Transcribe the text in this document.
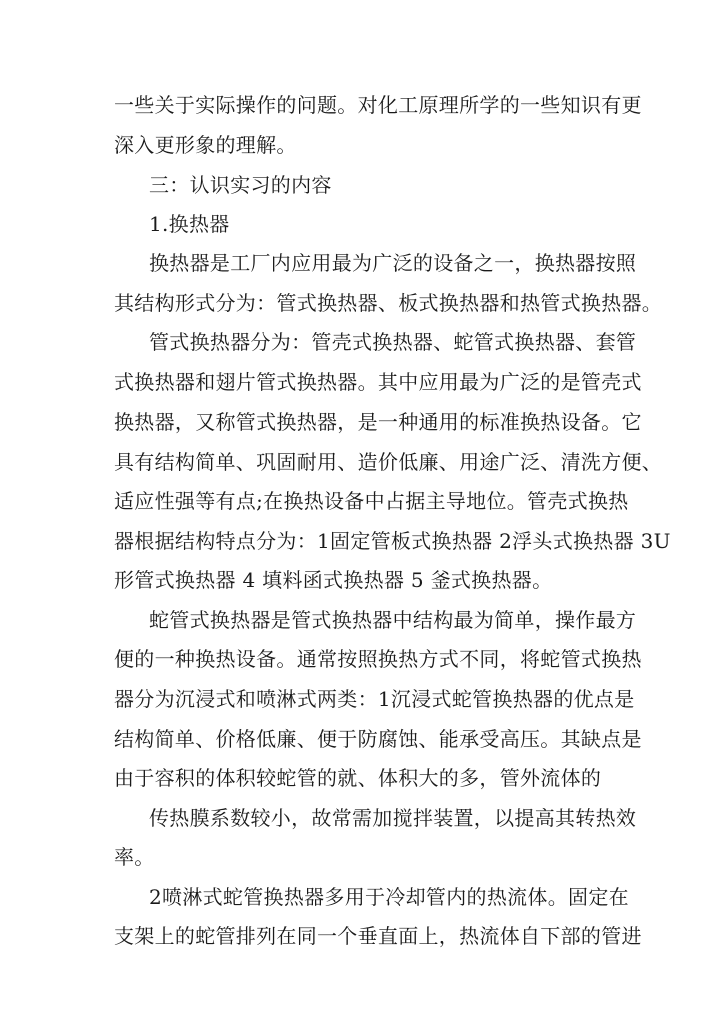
一些关于实际操作的问题。对化工原理所学的一些知识有更
深入更形象的理解。
三：认识实习的内容
1.换热器
换热器是工厂内应用最为广泛的设备之一，换热器按照
其结构形式分为：管式换热器、板式换热器和热管式换热器。
管式换热器分为：管壳式换热器、蛇管式换热器、套管
式换热器和翅片管式换热器。其中应用最为广泛的是管壳式
换热器，又称管式换热器，是一种通用的标准换热设备。它
具有结构简单、巩固耐用、造价低廉、用途广泛、清洗方便、
适应性强等有点;在换热设备中占据主导地位。管壳式换热
器根据结构特点分为：1固定管板式换热器 2浮头式换热器 3U
形管式换热器 4 填料函式换热器 5 釜式换热器。
蛇管式换热器是管式换热器中结构最为简单，操作最方
便的一种换热设备。通常按照换热方式不同，将蛇管式换热
器分为沉浸式和喷淋式两类：1沉浸式蛇管换热器的优点是
结构简单、价格低廉、便于防腐蚀、能承受高压。其缺点是
由于容积的体积较蛇管的就、体积大的多，管外流体的
传热膜系数较小，故常需加搅拌装置，以提高其转热效
率。
2喷淋式蛇管换热器多用于冷却管内的热流体。固定在
支架上的蛇管排列在同一个垂直面上，热流体自下部的管进
